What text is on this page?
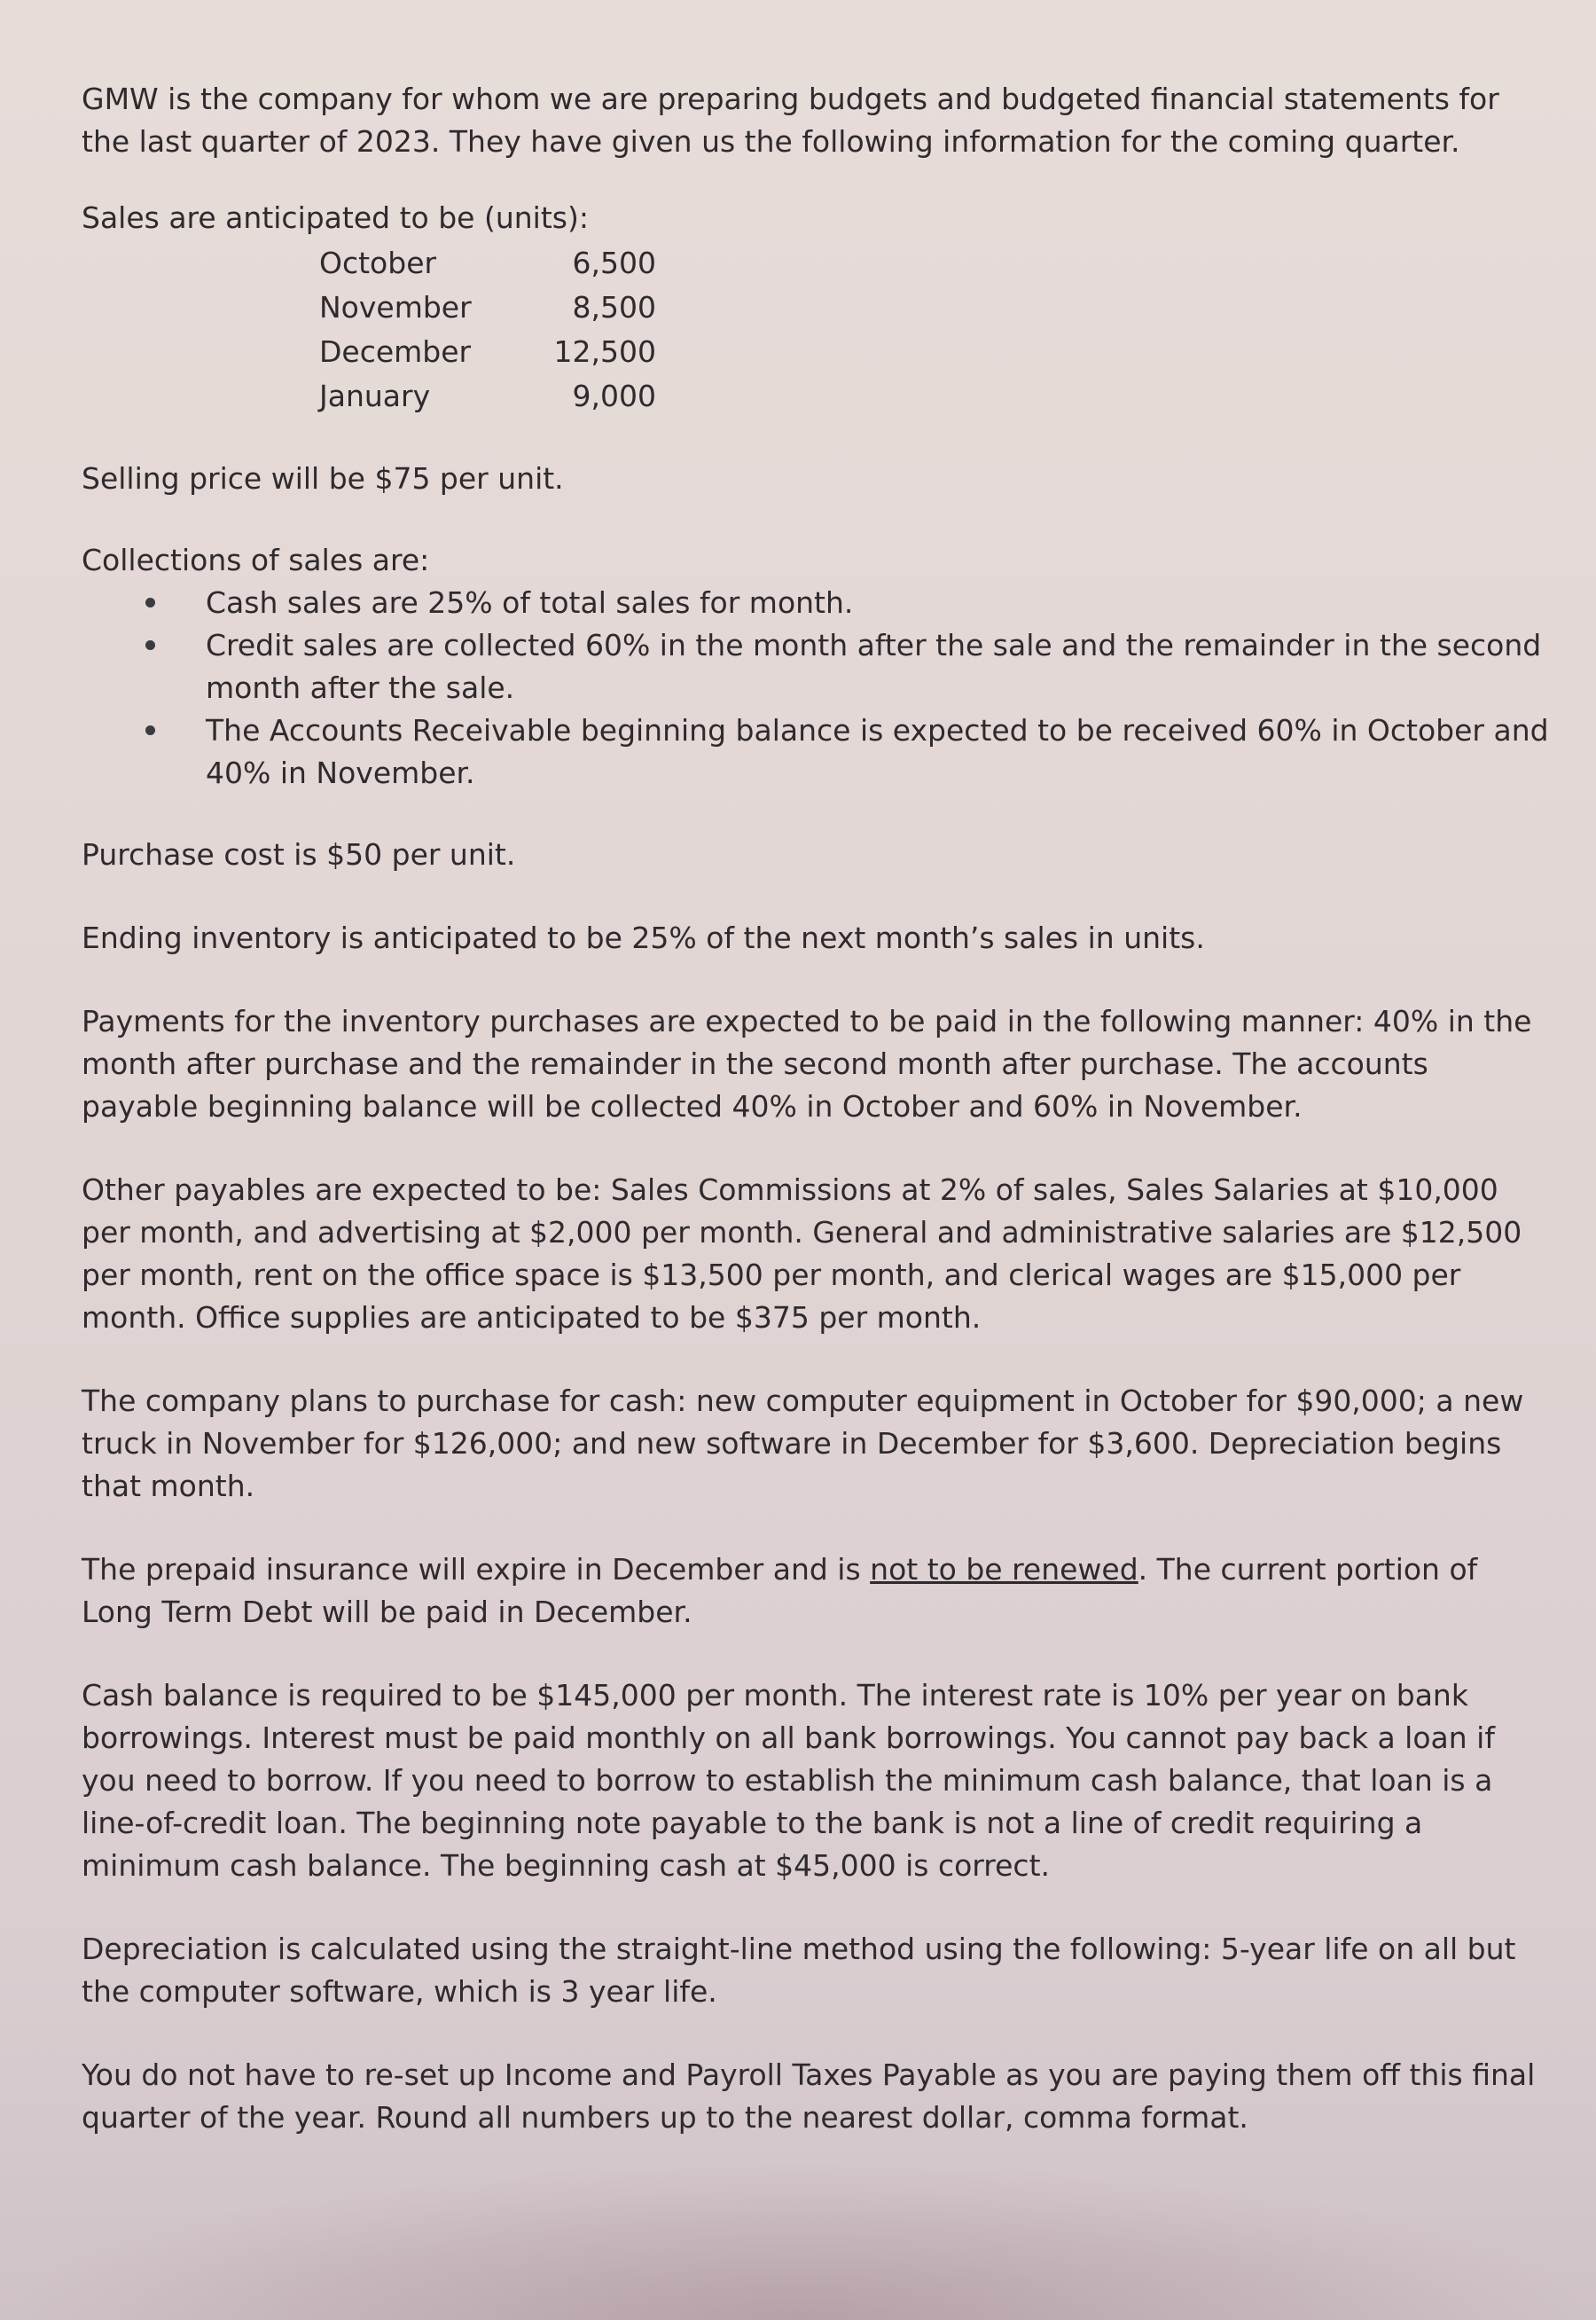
GMW is the company for whom we are preparing budgets and budgeted financial statements for the last quarter of 2023. They have given us the following information for the coming quarter.

Sales are anticipated to be (units):

October	6,500
November	8,500
December	12,500
January	9,000

Selling price will be $75 per unit.

Collections of sales are:

Cash sales are 25% of total sales for month.
Credit sales are collected 60% in the month after the sale and the remainder in the second month after the sale.
The Accounts Receivable beginning balance is expected to be received 60% in October and 40% in November.

Purchase cost is $50 per unit.

Ending inventory is anticipated to be 25% of the next month’s sales in units.

Payments for the inventory purchases are expected to be paid in the following manner: 40% in the month after purchase and the remainder in the second month after purchase. The accounts payable beginning balance will be collected 40% in October and 60% in November.

Other payables are expected to be: Sales Commissions at 2% of sales, Sales Salaries at $10,000 per month, and advertising at $2,000 per month. General and administrative salaries are $12,500 per month, rent on the office space is $13,500 per month, and clerical wages are $15,000 per month. Office supplies are anticipated to be $375 per month.

The company plans to purchase for cash: new computer equipment in October for $90,000; a new truck in November for $126,000; and new software in December for $3,600. Depreciation begins that month.

The prepaid insurance will expire in December and is not to be renewed. The current portion of Long Term Debt will be paid in December.

Cash balance is required to be $145,000 per month. The interest rate is 10% per year on bank borrowings. Interest must be paid monthly on all bank borrowings. You cannot pay back a loan if you need to borrow. If you need to borrow to establish the minimum cash balance, that loan is a line-of-credit loan. The beginning note payable to the bank is not a line of credit requiring a minimum cash balance. The beginning cash at $45,000 is correct.

Depreciation is calculated using the straight-line method using the following: 5-year life on all but the computer software, which is 3 year life.

You do not have to re-set up Income and Payroll Taxes Payable as you are paying them off this final quarter of the year. Round all numbers up to the nearest dollar, comma format.
